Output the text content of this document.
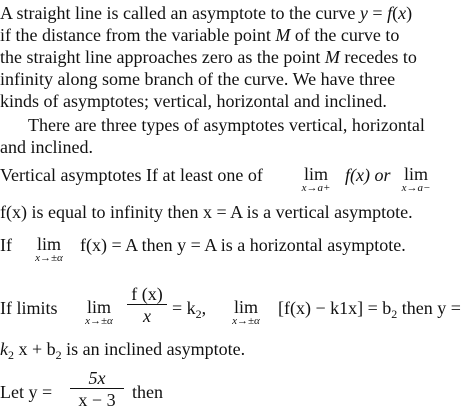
A straight line is called an asymptote to the curve y = f(x)
if the distance from the variable point M of the curve to
the straight line approaches zero as the point M recedes to
infinity along some branch of the curve. We have three
kinds of asymptotes; vertical, horizontal and inclined.
There are three types of asymptotes vertical, horizontal
and inclined.
Vertical asymptotes If at least one of	lim
x→a+
f(x) or lim
x→a−
f(x) is equal to infinity then x = A is a vertical asymptote.
If	lim
x→±α
f(x) = A then y = A is a horizontal asymptote.
If limits	lim
$x\to\pm\alpha \frac{f (x)}{x} = k_2$,	lim
x→±α
$[f(x) - k1x] = b_2$ then y =
$k_2$ $x + b_2$ is an inclined asymptote.
Let $y = \frac{5x}{x - 3}$ then
